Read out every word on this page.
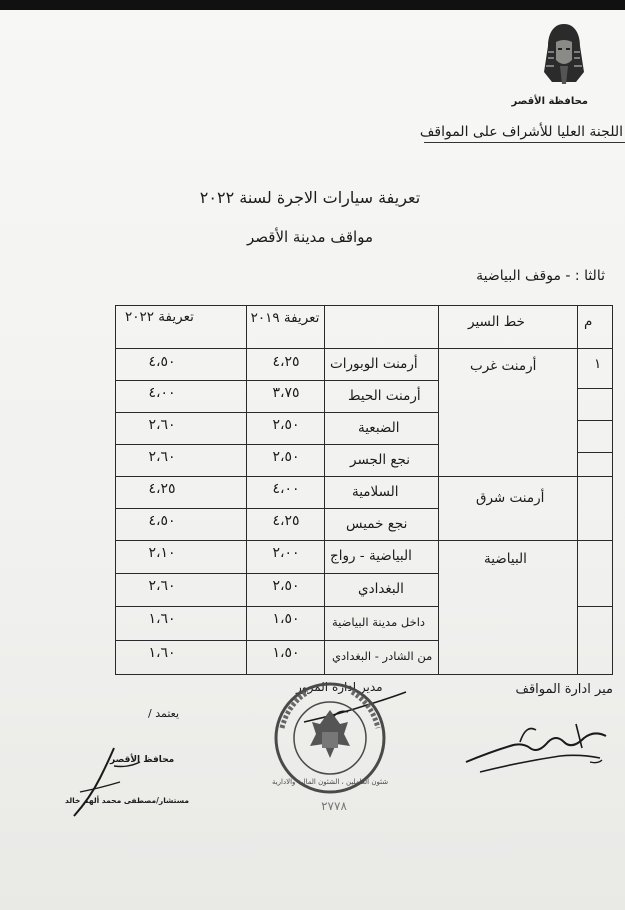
محافظة الأقصر
اللجنة العليا للأشراف على المواقف
تعريفة سيارات الاجرة لسنة ٢٠٢٢
مواقف مدينة الأقصر
ثالثا : - موقف البياضية
م
خط السير
تعريفة ٢٠١٩
تعريفة ٢٠٢٢
١
أرمنت غرب
أرمنت الوبورات
٤،٢٥
٤،٥٠
أرمنت الحيط
٣،٧٥
٤،٠٠
الضبعية
٢،٥٠
٢،٦٠
نجع الجسر
٢،٥٠
٢،٦٠
أرمنت شرق
السلامية
٤،٠٠
٤،٢٥
نجع خميس
٤،٢٥
٤،٥٠
البياضية
البياضية - رواج
٢،٠٠
٢،١٠
البغدادي
٢،٥٠
٢،٦٠
داخل مدينة البياضية
١،٥٠
١،٦٠
من الشادر - البغدادي
١،٥٠
١،٦٠
مير ادارة المواقف
مدير ادارة المرور
يعتمد /
محافظ الأقصر
مستشار/مصطفى محمد ألهم خالد
شئون العاملين ، الشئون المالية والادارية
٢٧٧٨
